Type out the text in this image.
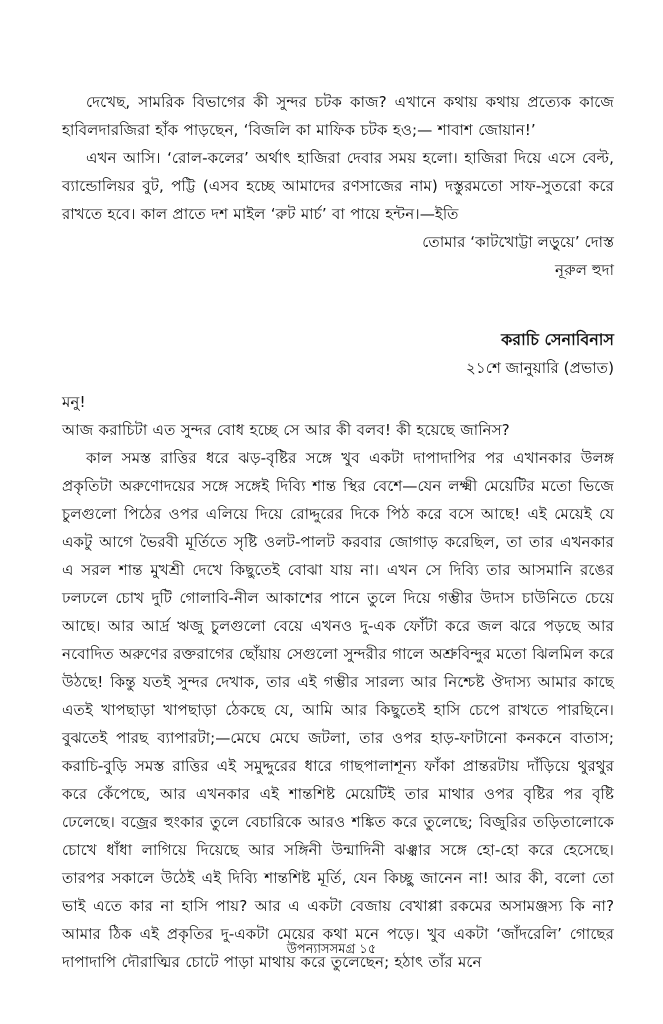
দেখেছ, সামরিক বিভাগের কী সুন্দর চটক কাজ? এখানে কথায় কথায় প্রত্যেক কাজে হাবিলদারজিরা হাঁক পাড়ছেন, ‘বিজলি কা মাফিক চটক হও;— শাবাশ জোয়ান!’

এখন আসি। ‘রোল-কলের’ অর্থাৎ হাজিরা দেবার সময় হলো। হাজিরা দিয়ে এসে বেল্ট, ব্যান্ডোলিয়র বুট, পট্টি (এসব হচ্ছে আমাদের রণসাজের নাম) দস্তুরমতো সাফ-সুতরো করে রাখতে হবে। কাল প্রাতে দশ মাইল ‘রুট মার্চ’ বা পায়ে হন্টন।—ইতি

তোমার ‘কাটখোট্টা লড়ুয়ে’ দোস্ত

নূরুল হুদা

করাচি সেনাবিনাস

২১শে জানুয়ারি (প্রভাত)

মনু!

আজ করাচিটা এত সুন্দর বোধ হচ্ছে সে আর কী বলব! কী হয়েছে জানিস?

কাল সমস্ত রাত্তির ধরে ঝড়-বৃষ্টির সঙ্গে খুব একটা দাপাদাপির পর এখানকার উলঙ্গ প্রকৃতিটা অরুণোদয়ের সঙ্গে সঙ্গেই দিব্যি শান্ত স্থির বেশে—যেন লক্ষ্মী মেয়েটির মতো ভিজে চুলগুলো পিঠের ওপর এলিয়ে দিয়ে রোদ্দুরের দিকে পিঠ করে বসে আছে! এই মেয়েই যে একটু আগে ভৈরবী মূর্তিতে সৃষ্টি ওলট-পালট করবার জোগাড় করেছিল, তা তার এখনকার এ সরল শান্ত মুখশ্রী দেখে কিছুতেই বোঝা যায় না। এখন সে দিব্যি তার আসমানি রঙের ঢলঢলে চোখ দুটি গোলাবি-নীল আকাশের পানে তুলে দিয়ে গম্ভীর উদাস চাউনিতে চেয়ে আছে। আর আর্দ্র ঋজু চুলগুলো বেয়ে এখনও দু-এক ফোঁটা করে জল ঝরে পড়ছে আর নবোদিত অরুণের রক্তরাগের ছোঁয়ায় সেগুলো সুন্দরীর গালে অশ্রুবিন্দুর মতো ঝিলমিল করে উঠছে! কিন্তু যতই সুন্দর দেখাক, তার এই গম্ভীর সারল্য আর নিশ্চেষ্ট ঔদাস্য আমার কাছে এতই খাপছাড়া খাপছাড়া ঠেকছে যে, আমি আর কিছুতেই হাসি চেপে রাখতে পারছিনে। বুঝতেই পারছ ব্যাপারটা;—মেঘে মেঘে জটলা, তার ওপর হাড়-ফাটানো কনকনে বাতাস; করাচি-বুড়ি সমস্ত রাত্তির এই সমুদ্দুরের ধারে গাছপালাশূন্য ফাঁকা প্রান্তরটায় দাঁড়িয়ে থুরথুর করে কেঁপেছে, আর এখনকার এই শান্তশিষ্ট মেয়েটিই তার মাথার ওপর বৃষ্টির পর বৃষ্টি ঢেলেছে। বজ্রের হুংকার তুলে বেচারিকে আরও শঙ্কিত করে তুলেছে; বিজুরির তড়িতালোকে চোখে ধাঁধা লাগিয়ে দিয়েছে আর সঙ্গিনী উন্মাদিনী ঝঞ্ঝার সঙ্গে হো-হো করে হেসেছে। তারপর সকালে উঠেই এই দিব্যি শান্তশিষ্ট মূর্তি, যেন কিচ্ছু জানেন না! আর কী, বলো তো ভাই এতে কার না হাসি পায়? আর এ একটা বেজায় বেখাপ্পা রকমের অসামঞ্জস্য কি না? আমার ঠিক এই প্রকৃতির দু-একটা মেয়ের কথা মনে পড়ে। খুব একটা ‘জাঁদরেলি’ গোছের দাপাদাপি দৌরাত্মির চোটে পাড়া মাথায় করে তুলেছেন; হঠাৎ তাঁর মনে

উপন্যাসসমগ্র ১৫
